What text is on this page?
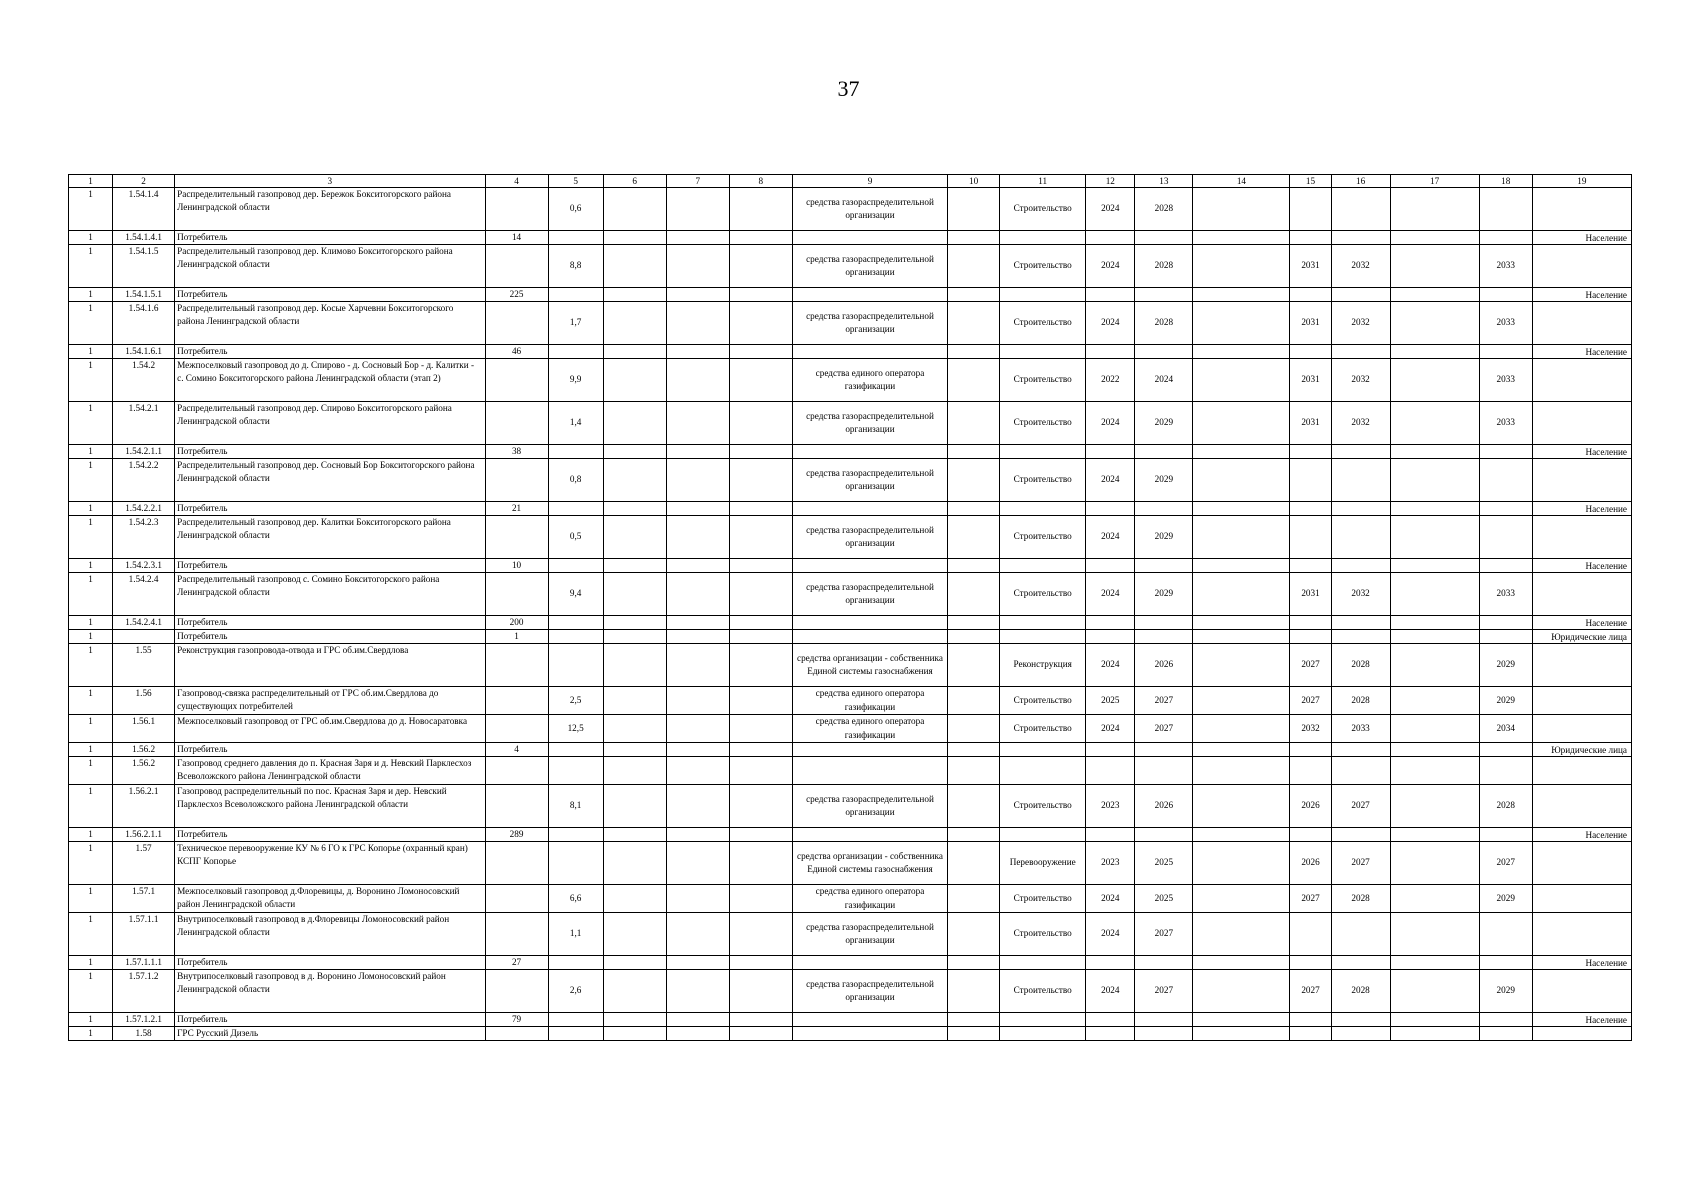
37
1	2	3	4	5	6	7	8	9	10	11	12	13	14	15	16	17	18	19
1	1.54.1.4	Распределительный газопровод дер. Бережок Бокситогорского района Ленинградской области		0,6				средства газораспределительной организации		Строительство	2024	2028						
1	1.54.1.4.1	Потребитель	14															Население
1	1.54.1.5	Распределительный газопровод дер. Климово Бокситогорского района Ленинградской области		8,8				средства газораспределительной организации		Строительство	2024	2028		2031	2032		2033	
1	1.54.1.5.1	Потребитель	225															Население
1	1.54.1.6	Распределительный газопровод дер. Косые Харчевни Бокситогорского района Ленинградской области		1,7				средства газораспределительной организации		Строительство	2024	2028		2031	2032		2033	
1	1.54.1.6.1	Потребитель	46															Население
1	1.54.2	Межпоселковый газопровод до д. Спирово - д. Сосновый Бор - д. Калитки - с. Сомино Бокситогорского района Ленинградской области (этап 2)		9,9				средства единого оператора газификации		Строительство	2022	2024		2031	2032		2033	
1	1.54.2.1	Распределительный газопровод дер. Спирово Бокситогорского района Ленинградской области		1,4				средства газораспределительной организации		Строительство	2024	2029		2031	2032		2033	
1	1.54.2.1.1	Потребитель	38															Население
1	1.54.2.2	Распределительный газопровод дер. Сосновый Бор Бокситогорского района Ленинградской области		0,8				средства газораспределительной организации		Строительство	2024	2029						
1	1.54.2.2.1	Потребитель	21															Население
1	1.54.2.3	Распределительный газопровод дер. Калитки Бокситогорского района Ленинградской области		0,5				средства газораспределительной организации		Строительство	2024	2029						
1	1.54.2.3.1	Потребитель	10															Население
1	1.54.2.4	Распределительный газопровод с. Сомино Бокситогорского района Ленинградской области		9,4				средства газораспределительной организации		Строительство	2024	2029		2031	2032		2033	
1	1.54.2.4.1	Потребитель	200															Население
1		Потребитель	1															Юридические лица
1	1.55	Реконструкция газопровода-отвода и ГРС об.им.Свердлова						средства организации - собственника Единой системы газоснабжения		Реконструкция	2024	2026		2027	2028		2029	
1	1.56	Газопровод-связка распределительный от ГРС об.им.Свердлова до существующих потребителей		2,5				средства единого оператора газификации		Строительство	2025	2027		2027	2028		2029	
1	1.56.1	Межпоселковый газопровод от ГРС об.им.Свердлова до д. Новосаратовка		12,5				средства единого оператора газификации		Строительство	2024	2027		2032	2033		2034	
1	1.56.2	Потребитель	4															Юридические лица
1	1.56.2	Газопровод среднего давления до п. Красная Заря и д. Невский Парклесхоз Всеволожского района Ленинградской области																
1	1.56.2.1	Газопровод распределительный по пос. Красная Заря и дер. Невский Парклесхоз Всеволожского района Ленинградской области		8,1				средства газораспределительной организации		Строительство	2023	2026		2026	2027		2028	
1	1.56.2.1.1	Потребитель	289															Население
1	1.57	Техническое перевооружение КУ № 6 ГО к ГРС Копорье (охранный кран) КСПГ Копорье						средства организации - собственника Единой системы газоснабжения		Перевооружение	2023	2025		2026	2027		2027	
1	1.57.1	Межпоселковый газопровод д.Флоревицы, д. Воронино Ломоносовский район Ленинградской области		6,6				средства единого оператора газификации		Строительство	2024	2025		2027	2028		2029	
1	1.57.1.1	Внутрипоселковый газопровод в д.Флоревицы Ломоносовский район Ленинградской области		1,1				средства газораспределительной организации		Строительство	2024	2027						
1	1.57.1.1.1	Потребитель	27															Население
1	1.57.1.2	Внутрипоселковый газопровод в д. Воронино Ломоносовский район Ленинградской области		2,6				средства газораспределительной организации		Строительство	2024	2027		2027	2028		2029	
1	1.57.1.2.1	Потребитель	79															Население
1	1.58	ГРС Русский Дизель																
